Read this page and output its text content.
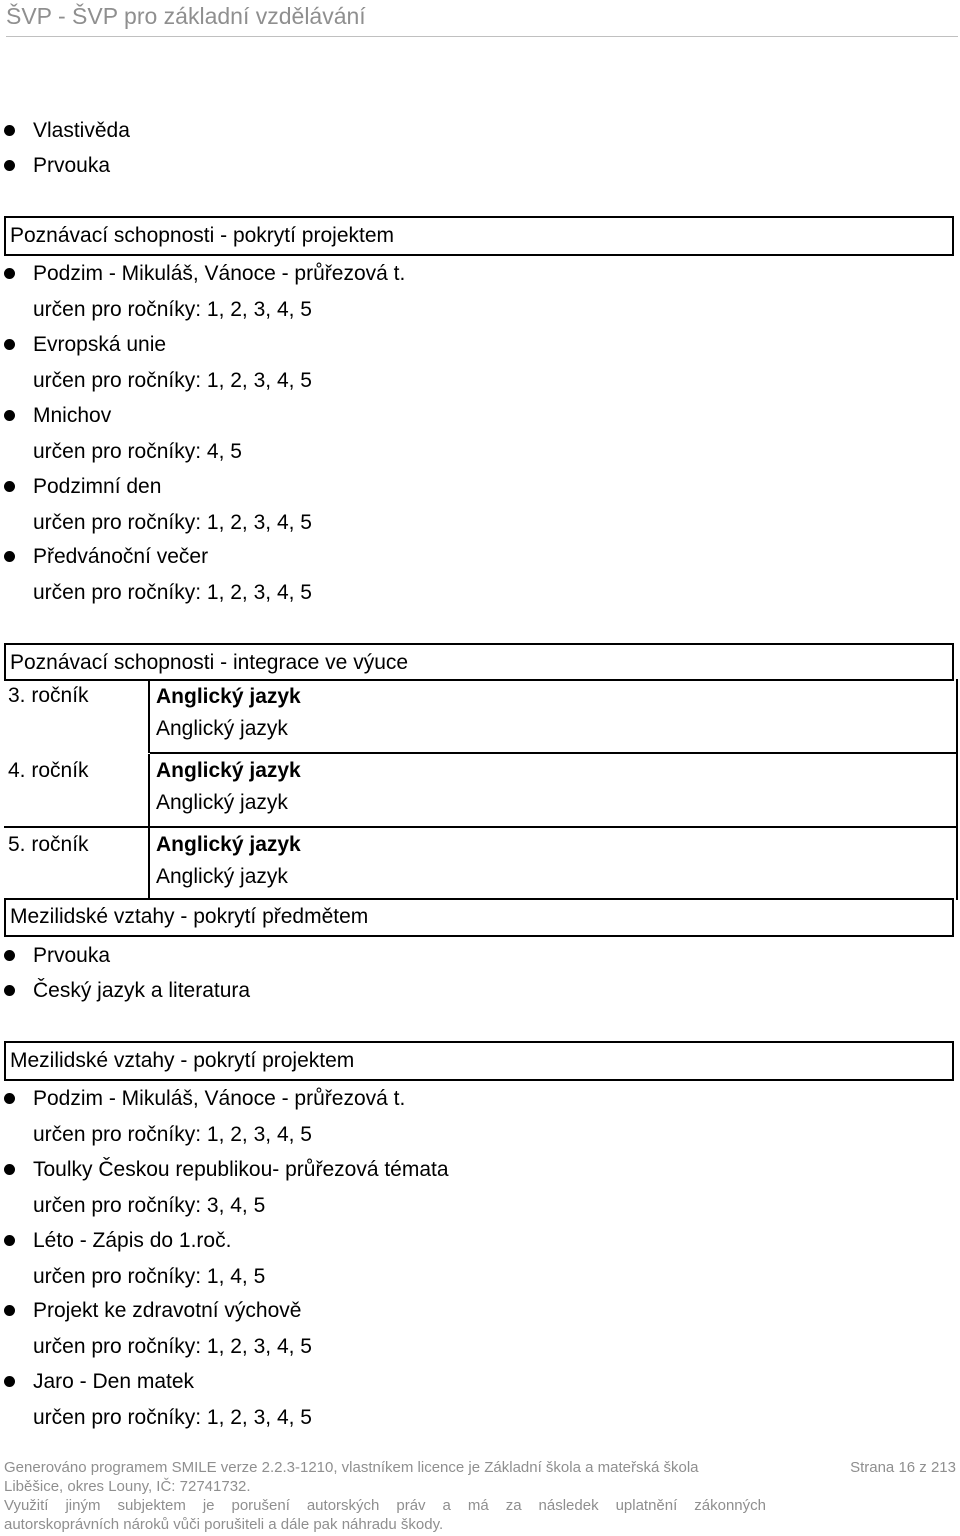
ŠVP - ŠVP pro základní vzdělávání
Vlastivěda
Prvouka
Poznávací schopnosti - pokrytí projektem
Podzim - Mikuláš, Vánoce - průřezová t.
určen pro ročníky: 1, 2, 3, 4, 5
Evropská unie
určen pro ročníky: 1, 2, 3, 4, 5
Mnichov
určen pro ročníky: 4, 5
Podzimní den
určen pro ročníky: 1, 2, 3, 4, 5
Předvánoční večer
určen pro ročníky: 1, 2, 3, 4, 5
Poznávací schopnosti - integrace ve výuce
3. ročník	Anglický jazyk
Anglický jazyk
4. ročník	Anglický jazyk
Anglický jazyk
5. ročník	Anglický jazyk
Anglický jazyk
Mezilidské vztahy - pokrytí předmětem
Prvouka
Český jazyk a literatura
Mezilidské vztahy - pokrytí projektem
Podzim - Mikuláš, Vánoce - průřezová t.
určen pro ročníky: 1, 2, 3, 4, 5
Toulky Českou republikou- průřezová témata
určen pro ročníky: 3, 4, 5
Léto - Zápis do 1.roč.
určen pro ročníky: 1, 4, 5
Projekt ke zdravotní výchově
určen pro ročníky: 1, 2, 3, 4, 5
Jaro - Den matek
určen pro ročníky: 1, 2, 3, 4, 5
Generováno programem SMILE verze 2.2.3-1210, vlastníkem licence je Základní škola a mateřská škola
Liběšice, okres Louny, IČ: 72741732.
Využití jiným subjektem je porušení autorských práv a má za následek uplatnění zákonných
autorskoprávních nároků vůči porušiteli a dále pak náhradu škody.
Strana 16 z 213
